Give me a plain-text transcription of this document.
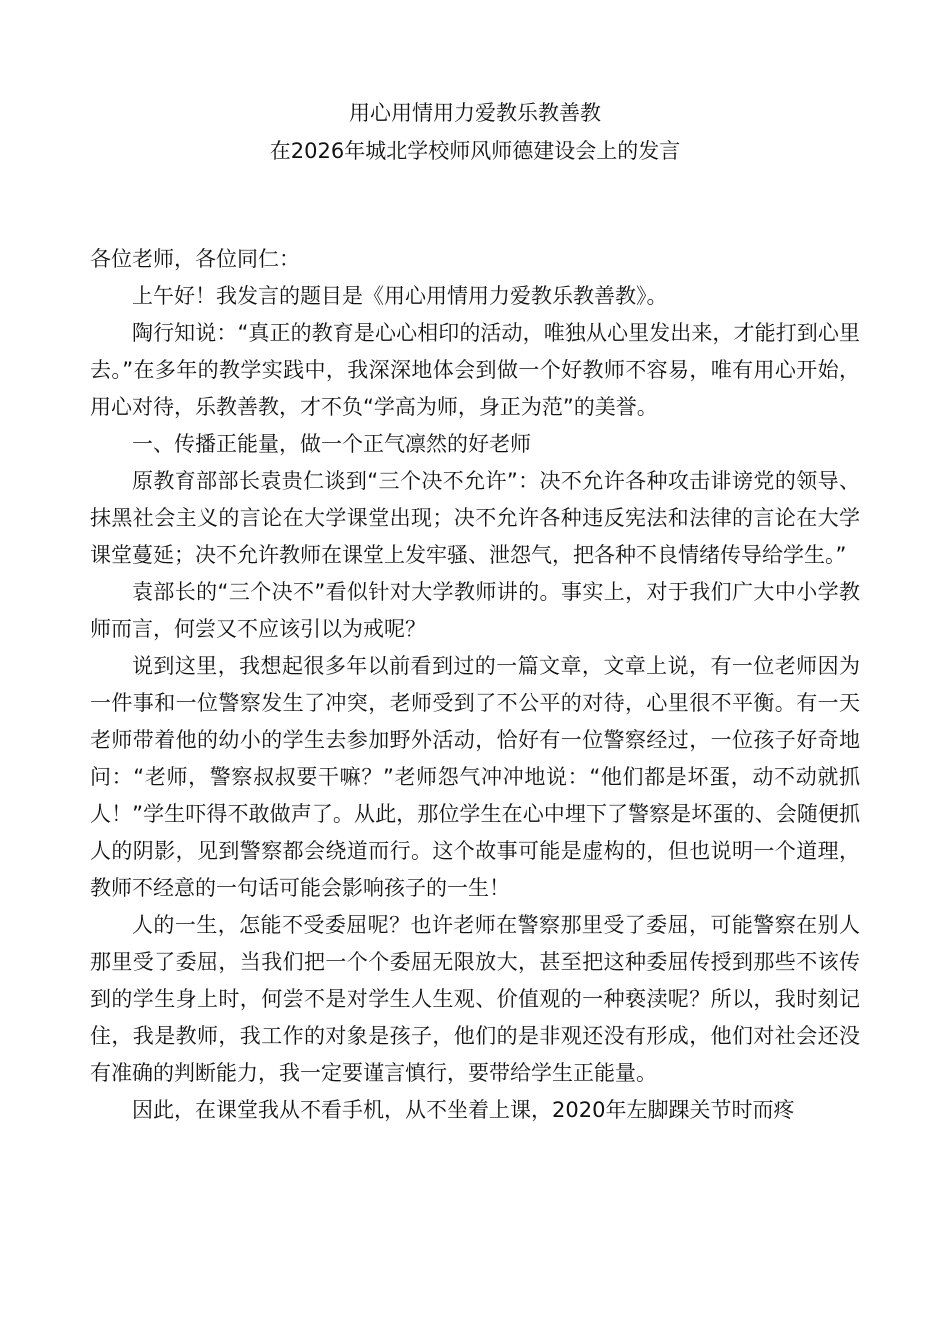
用心用情用力爱教乐教善教
在2026年城北学校师风师德建设会上的发言

各位老师，各位同仁：

上午好！我发言的题目是《用心用情用力爱教乐教善教》。

陶行知说：“真正的教育是心心相印的活动，唯独从心里发出来，才能打到心里去。”在多年的教学实践中，我深深地体会到做一个好教师不容易，唯有用心开始，用心对待，乐教善教，才不负“学高为师，身正为范”的美誉。

一、传播正能量，做一个正气凛然的好老师

原教育部部长袁贵仁谈到“三个决不允许”：决不允许各种攻击诽谤党的领导、抹黑社会主义的言论在大学课堂出现；决不允许各种违反宪法和法律的言论在大学课堂蔓延；决不允许教师在课堂上发牢骚、泄怨气，把各种不良情绪传导给学生。”

袁部长的“三个决不”看似针对大学教师讲的。事实上，对于我们广大中小学教师而言，何尝又不应该引以为戒呢？

说到这里，我想起很多年以前看到过的一篇文章，文章上说，有一位老师因为一件事和一位警察发生了冲突，老师受到了不公平的对待，心里很不平衡。有一天老师带着他的幼小的学生去参加野外活动，恰好有一位警察经过，一位孩子好奇地问：“老师，警察叔叔要干嘛？”老师怨气冲冲地说：“他们都是坏蛋，动不动就抓人！”学生吓得不敢做声了。从此，那位学生在心中埋下了警察是坏蛋的、会随便抓人的阴影，见到警察都会绕道而行。这个故事可能是虚构的，但也说明一个道理，教师不经意的一句话可能会影响孩子的一生！

人的一生，怎能不受委屈呢？也许老师在警察那里受了委屈，可能警察在别人那里受了委屈，当我们把一个个委屈无限放大，甚至把这种委屈传授到那些不该传到的学生身上时，何尝不是对学生人生观、价值观的一种亵渎呢？所以，我时刻记住，我是教师，我工作的对象是孩子，他们的是非观还没有形成，他们对社会还没有准确的判断能力，我一定要谨言慎行，要带给学生正能量。

因此，在课堂我从不看手机，从不坐着上课，2020年左脚踝关节时而疼
